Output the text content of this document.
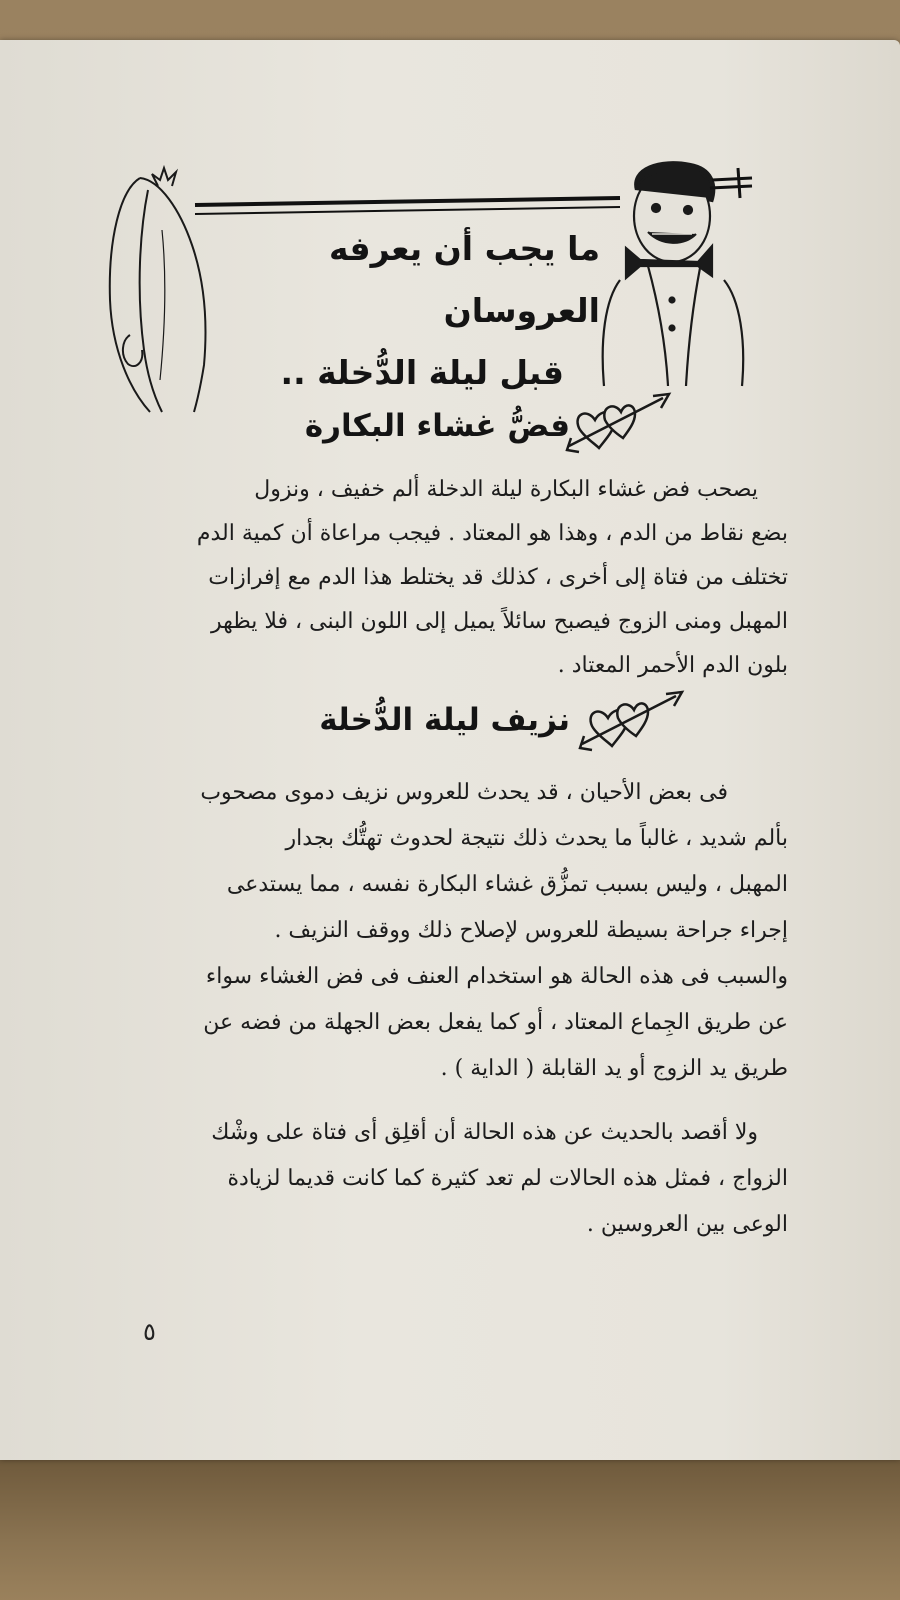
ما يجب أن يعرفه العروسان
قبل ليلة الدُّخلة ..
فضُّ غشاء البكارة
يصحب فض غشاء البكارة ليلة الدخلة ألم خفيف ، ونزول
بضع نقاط من الدم ، وهذا هو المعتاد . فيجب مراعاة أن كمية الدم
تختلف من فتاة إلى أخرى ، كذلك قد يختلط هذا الدم مع إفرازات
المهبل ومنى الزوج فيصبح سائلاً يميل إلى اللون البنى ، فلا يظهر
بلون الدم الأحمر المعتاد .
نزيف ليلة الدُّخلة
فى بعض الأحيان ، قد يحدث للعروس نزيف دموى مصحوب
بألم شديد ، غالباً ما يحدث ذلك نتيجة لحدوث تهتُّك بجدار
المهبل ، وليس بسبب تمزُّق غشاء البكارة نفسه ، مما يستدعى
إجراء جراحة بسيطة للعروس لإصلاح ذلك ووقف النزيف .
والسبب فى هذه الحالة هو استخدام العنف فى فض الغشاء سواء
عن طريق الجِماع المعتاد ، أو كما يفعل بعض الجهلة من فضه عن
طريق يد الزوج أو يد القابلة ( الداية ) .
ولا أقصد بالحديث عن هذه الحالة أن أقلِق أى فتاة على وشْك
الزواج ، فمثل هذه الحالات لم تعد كثيرة كما كانت قديما لزيادة
الوعى بين العروسين .
٥
